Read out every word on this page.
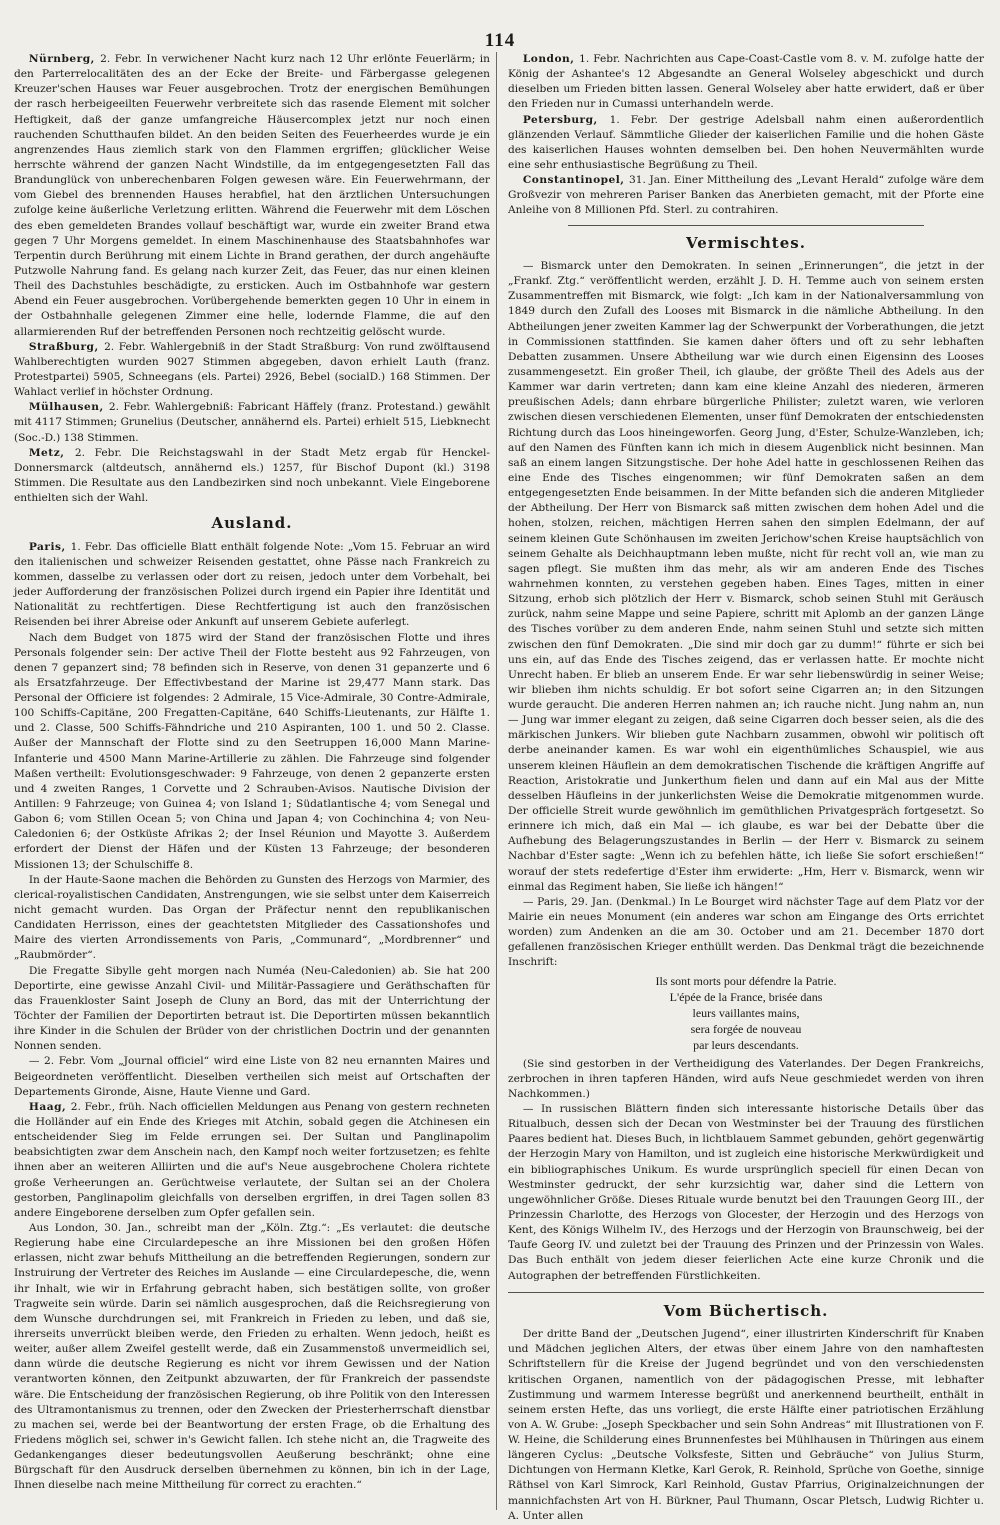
114

Nürnberg, 2. Febr. In verwichener Nacht kurz nach 12 Uhr erlönte Feuerlärm; in den Parterrelocalitäten des an der Ecke der Breite- und Färbergasse gelegenen Kreuzer'schen Hauses war Feuer ausgebrochen. Trotz der energischen Bemühungen der rasch herbeigeeilten Feuerwehr verbreitete sich das rasende Element mit solcher Heftigkeit, daß der ganze umfangreiche Häusercomplex jetzt nur noch einen rauchenden Schutthaufen bildet. An den beiden Seiten des Feuerheerdes wurde je ein angrenzendes Haus ziemlich stark von den Flammen ergriffen; glücklicher Weise herrschte während der ganzen Nacht Windstille, da im entgegengesetzten Fall das Brandunglück von unberechenbaren Folgen gewesen wäre. Ein Feuerwehrmann, der vom Giebel des brennenden Hauses herabfiel, hat den ärztlichen Untersuchungen zufolge keine äußerliche Verletzung erlitten. Während die Feuerwehr mit dem Löschen des eben gemeldeten Brandes vollauf beschäftigt war, wurde ein zweiter Brand etwa gegen 7 Uhr Morgens gemeldet. In einem Maschinenhause des Staatsbahnhofes war Terpentin durch Berührung mit einem Lichte in Brand gerathen, der durch angehäufte Putzwolle Nahrung fand. Es gelang nach kurzer Zeit, das Feuer, das nur einen kleinen Theil des Dachstuhles beschädigte, zu ersticken. Auch im Ostbahnhofe war gestern Abend ein Feuer ausgebrochen. Vorübergehende bemerkten gegen 10 Uhr in einem in der Ostbahnhalle gelegenen Zimmer eine helle, lodernde Flamme, die auf den allarmierenden Ruf der betreffenden Personen noch rechtzeitig gelöscht wurde.

Straßburg, 2. Febr. Wahlergebniß in der Stadt Straßburg: Von rund zwölftausend Wahlberechtigten wurden 9027 Stimmen abgegeben, davon erhielt Lauth (franz. Protestpartei) 5905, Schneegans (els. Partei) 2926, Bebel (socialD.) 168 Stimmen. Der Wahlact verlief in höchster Ordnung.

Mülhausen, 2. Febr. Wahlergebniß: Fabricant Häffely (franz. Protestand.) gewählt mit 4117 Stimmen; Grunelius (Deutscher, annähernd els. Partei) erhielt 515, Liebknecht (Soc.-D.) 138 Stimmen.

Metz, 2. Febr. Die Reichstagswahl in der Stadt Metz ergab für Henckel-Donnersmarck (altdeutsch, annähernd els.) 1257, für Bischof Dupont (kl.) 3198 Stimmen. Die Resultate aus den Landbezirken sind noch unbekannt. Viele Eingeborene enthielten sich der Wahl.

Ausland.

Paris, 1. Febr. Das officielle Blatt enthält folgende Note: „Vom 15. Februar an wird den italienischen und schweizer Reisenden gestattet, ohne Pässe nach Frankreich zu kommen, dasselbe zu verlassen oder dort zu reisen, jedoch unter dem Vorbehalt, bei jeder Aufforderung der französischen Polizei durch irgend ein Papier ihre Identität und Nationalität zu rechtfertigen. Diese Rechtfertigung ist auch den französischen Reisenden bei ihrer Abreise oder Ankunft auf unserem Gebiete auferlegt.

Nach dem Budget von 1875 wird der Stand der französischen Flotte und ihres Personals folgender sein: Der active Theil der Flotte besteht aus 92 Fahrzeugen, von denen 7 gepanzert sind; 78 befinden sich in Reserve, von denen 31 gepanzerte und 6 als Ersatzfahrzeuge. Der Effectivbestand der Marine ist 29,477 Mann stark. Das Personal der Officiere ist folgendes: 2 Admirale, 15 Vice-Admirale, 30 Contre-Admirale, 100 Schiffs-Capitäne, 200 Fregatten-Capitäne, 640 Schiffs-Lieutenants, zur Hälfte 1. und 2. Classe, 500 Schiffs-Fähndriche und 210 Aspiranten, 100 1. und 50 2. Classe. Außer der Mannschaft der Flotte sind zu den Seetruppen 16,000 Mann Marine-Infanterie und 4500 Mann Marine-Artillerie zu zählen. Die Fahrzeuge sind folgender Maßen vertheilt: Evolutionsgeschwader: 9 Fahrzeuge, von denen 2 gepanzerte ersten und 4 zweiten Ranges, 1 Corvette und 2 Schrauben-Avisos. Nautische Division der Antillen: 9 Fahrzeuge; von Guinea 4; von Island 1; Südatlantische 4; vom Senegal und Gabon 6; vom Stillen Ocean 5; von China und Japan 4; von Cochinchina 4; von Neu-Caledonien 6; der Ostküste Afrikas 2; der Insel Réunion und Mayotte 3. Außerdem erfordert der Dienst der Häfen und der Küsten 13 Fahrzeuge; der besonderen Missionen 13; der Schulschiffe 8.

In der Haute-Saone machen die Behörden zu Gunsten des Herzogs von Marmier, des clerical-royalistischen Candidaten, Anstrengungen, wie sie selbst unter dem Kaiserreich nicht gemacht wurden. Das Organ der Präfectur nennt den republikanischen Candidaten Herrisson, eines der geachtetsten Mitglieder des Cassationshofes und Maire des vierten Arrondissements von Paris, „Communard“, „Mordbrenner“ und „Raubmörder“.

Die Fregatte Sibylle geht morgen nach Numéa (Neu-Caledonien) ab. Sie hat 200 Deportirte, eine gewisse Anzahl Civil- und Militär-Passagiere und Geräthschaften für das Frauenkloster Saint Joseph de Cluny an Bord, das mit der Unterrichtung der Töchter der Familien der Deportirten betraut ist. Die Deportirten müssen bekanntlich ihre Kinder in die Schulen der Brüder von der christlichen Doctrin und der genannten Nonnen senden.

— 2. Febr. Vom „Journal officiel“ wird eine Liste von 82 neu ernannten Maires und Beigeordneten veröffentlicht. Dieselben vertheilen sich meist auf Ortschaften der Departements Gironde, Aisne, Haute Vienne und Gard.

Haag, 2. Febr., früh. Nach officiellen Meldungen aus Penang von gestern rechneten die Holländer auf ein Ende des Krieges mit Atchin, sobald gegen die Atchinesen ein entscheidender Sieg im Felde errungen sei. Der Sultan und Panglinapolim beabsichtigten zwar dem Anschein nach, den Kampf noch weiter fortzusetzen; es fehlte ihnen aber an weiteren Alliirten und die auf's Neue ausgebrochene Cholera richtete große Verheerungen an. Gerüchtweise verlautete, der Sultan sei an der Cholera gestorben, Panglinapolim gleichfalls von derselben ergriffen, in drei Tagen sollen 83 andere Eingeborene derselben zum Opfer gefallen sein.

Aus London, 30. Jan., schreibt man der „Köln. Ztg.“: „Es verlautet: die deutsche Regierung habe eine Circulardepesche an ihre Missionen bei den großen Höfen erlassen, nicht zwar behufs Mittheilung an die betreffenden Regierungen, sondern zur Instruirung der Vertreter des Reiches im Auslande — eine Circulardepesche, die, wenn ihr Inhalt, wie wir in Erfahrung gebracht haben, sich bestätigen sollte, von großer Tragweite sein würde. Darin sei nämlich ausgesprochen, daß die Reichsregierung von dem Wunsche durchdrungen sei, mit Frankreich in Frieden zu leben, und daß sie, ihrerseits unverrückt bleiben werde, den Frieden zu erhalten. Wenn jedoch, heißt es weiter, außer allem Zweifel gestellt werde, daß ein Zusammenstoß unvermeidlich sei, dann würde die deutsche Regierung es nicht vor ihrem Gewissen und der Nation verantworten können, den Zeitpunkt abzuwarten, der für Frankreich der passendste wäre. Die Entscheidung der französischen Regierung, ob ihre Politik von den Interessen des Ultramontanismus zu trennen, oder den Zwecken der Priesterherrschaft dienstbar zu machen sei, werde bei der Beantwortung der ersten Frage, ob die Erhaltung des Friedens möglich sei, schwer in's Gewicht fallen. Ich stehe nicht an, die Tragweite des Gedankenganges dieser bedeutungsvollen Aeußerung beschränkt; ohne eine Bürgschaft für den Ausdruck derselben übernehmen zu können, bin ich in der Lage, Ihnen dieselbe nach meine Mittheilung für correct zu erachten.“

London, 1. Febr. Nachrichten aus Cape-Coast-Castle vom 8. v. M. zufolge hatte der König der Ashantee's 12 Abgesandte an General Wolseley abgeschickt und durch dieselben um Frieden bitten lassen. General Wolseley aber hatte erwidert, daß er über den Frieden nur in Cumassi unterhandeln werde.

Petersburg, 1. Febr. Der gestrige Adelsball nahm einen außerordentlich glänzenden Verlauf. Sämmtliche Glieder der kaiserlichen Familie und die hohen Gäste des kaiserlichen Hauses wohnten demselben bei. Den hohen Neuvermählten wurde eine sehr enthusiastische Begrüßung zu Theil.

Constantinopel, 31. Jan. Einer Mittheilung des „Levant Herald“ zufolge wäre dem Großvezir von mehreren Pariser Banken das Anerbieten gemacht, mit der Pforte eine Anleihe von 8 Millionen Pfd. Sterl. zu contrahiren.

Vermischtes.

— Bismarck unter den Demokraten. In seinen „Erinnerungen“, die jetzt in der „Frankf. Ztg.“ veröffentlicht werden, erzählt J. D. H. Temme auch von seinem ersten Zusammentreffen mit Bismarck, wie folgt: „Ich kam in der Nationalversammlung von 1849 durch den Zufall des Looses mit Bismarck in die nämliche Abtheilung. In den Abtheilungen jener zweiten Kammer lag der Schwerpunkt der Vorberathungen, die jetzt in Commissionen stattfinden. Sie kamen daher öfters und oft zu sehr lebhaften Debatten zusammen. Unsere Abtheilung war wie durch einen Eigensinn des Looses zusammengesetzt. Ein großer Theil, ich glaube, der größte Theil des Adels aus der Kammer war darin vertreten; dann kam eine kleine Anzahl des niederen, ärmeren preußischen Adels; dann ehrbare bürgerliche Philister; zuletzt waren, wie verloren zwischen diesen verschiedenen Elementen, unser fünf Demokraten der entschiedensten Richtung durch das Loos hineingeworfen. Georg Jung, d'Ester, Schulze-Wanzleben, ich; auf den Namen des Fünften kann ich mich in diesem Augenblick nicht besinnen. Man saß an einem langen Sitzungstische. Der hohe Adel hatte in geschlossenen Reihen das eine Ende des Tisches eingenommen; wir fünf Demokraten saßen an dem entgegengesetzten Ende beisammen. In der Mitte befanden sich die anderen Mitglieder der Abtheilung. Der Herr von Bismarck saß mitten zwischen dem hohen Adel und die hohen, stolzen, reichen, mächtigen Herren sahen den simplen Edelmann, der auf seinem kleinen Gute Schönhausen im zweiten Jerichow'schen Kreise hauptsächlich von seinem Gehalte als Deichhauptmann leben mußte, nicht für recht voll an, wie man zu sagen pflegt. Sie mußten ihm das mehr, als wir am anderen Ende des Tisches wahrnehmen konnten, zu verstehen gegeben haben. Eines Tages, mitten in einer Sitzung, erhob sich plötzlich der Herr v. Bismarck, schob seinen Stuhl mit Geräusch zurück, nahm seine Mappe und seine Papiere, schritt mit Aplomb an der ganzen Länge des Tisches vorüber zu dem anderen Ende, nahm seinen Stuhl und setzte sich mitten zwischen den fünf Demokraten. „Die sind mir doch gar zu dumm!“ führte er sich bei uns ein, auf das Ende des Tisches zeigend, das er verlassen hatte. Er mochte nicht Unrecht haben. Er blieb an unserem Ende. Er war sehr liebenswürdig in seiner Weise; wir blieben ihm nichts schuldig. Er bot sofort seine Cigarren an; in den Sitzungen wurde geraucht. Die anderen Herren nahmen an; ich rauche nicht. Jung nahm an, nun — Jung war immer elegant zu zeigen, daß seine Cigarren doch besser seien, als die des märkischen Junkers. Wir blieben gute Nachbarn zusammen, obwohl wir politisch oft derbe aneinander kamen. Es war wohl ein eigenthümliches Schauspiel, wie aus unserem kleinen Häuflein an dem demokratischen Tischende die kräftigen Angriffe auf Reaction, Aristokratie und Junkerthum fielen und dann auf ein Mal aus der Mitte desselben Häufleins in der junkerlichsten Weise die Demokratie mitgenommen wurde. Der officielle Streit wurde gewöhnlich im gemüthlichen Privatgespräch fortgesetzt. So erinnere ich mich, daß ein Mal — ich glaube, es war bei der Debatte über die Aufhebung des Belagerungszustandes in Berlin — der Herr v. Bismarck zu seinem Nachbar d'Ester sagte: „Wenn ich zu befehlen hätte, ich ließe Sie sofort erschießen!“ worauf der stets redefertige d'Ester ihm erwiderte: „Hm, Herr v. Bismarck, wenn wir einmal das Regiment haben, Sie ließe ich hängen!“

— Paris, 29. Jan. (Denkmal.) In Le Bourget wird nächster Tage auf dem Platz vor der Mairie ein neues Monument (ein anderes war schon am Eingange des Orts errichtet worden) zum Andenken an die am 30. October und am 21. December 1870 dort gefallenen französischen Krieger enthüllt werden. Das Denkmal trägt die bezeichnende Inschrift:

Ils sont morts pour défendre la Patrie.
L'épée de la France, brisée dans
leurs vaillantes mains,
sera forgée de nouveau
par leurs descendants.

(Sie sind gestorben in der Vertheidigung des Vaterlandes. Der Degen Frankreichs, zerbrochen in ihren tapferen Händen, wird aufs Neue geschmiedet werden von ihren Nachkommen.)

— In russischen Blättern finden sich interessante historische Details über das Ritualbuch, dessen sich der Decan von Westminster bei der Trauung des fürstlichen Paares bedient hat. Dieses Buch, in lichtblauem Sammet gebunden, gehört gegenwärtig der Herzogin Mary von Hamilton, und ist zugleich eine historische Merkwürdigkeit und ein bibliographisches Unikum. Es wurde ursprünglich speciell für einen Decan von Westminster gedruckt, der sehr kurzsichtig war, daher sind die Lettern von ungewöhnlicher Größe. Dieses Rituale wurde benutzt bei den Trauungen Georg III., der Prinzessin Charlotte, des Herzogs von Glocester, der Herzogin und des Herzogs von Kent, des Königs Wilhelm IV., des Herzogs und der Herzogin von Braunschweig, bei der Taufe Georg IV. und zuletzt bei der Trauung des Prinzen und der Prinzessin von Wales. Das Buch enthält von jedem dieser feierlichen Acte eine kurze Chronik und die Autographen der betreffenden Fürstlichkeiten.

Vom Büchertisch.

Der dritte Band der „Deutschen Jugend“, einer illustrirten Kinderschrift für Knaben und Mädchen jeglichen Alters, der etwas über einem Jahre von den namhaftesten Schriftstellern für die Kreise der Jugend begründet und von den verschiedensten kritischen Organen, namentlich von der pädagogischen Presse, mit lebhafter Zustimmung und warmem Interesse begrüßt und anerkennend beurtheilt, enthält in seinem ersten Hefte, das uns vorliegt, die erste Hälfte einer patriotischen Erzählung von A. W. Grube: „Joseph Speckbacher und sein Sohn Andreas“ mit Illustrationen von F. W. Heine, die Schilderung eines Brunnenfestes bei Mühlhausen in Thüringen aus einem längeren Cyclus: „Deutsche Volksfeste, Sitten und Gebräuche“ von Julius Sturm, Dichtungen von Hermann Kletke, Karl Gerok, R. Reinhold, Sprüche von Goethe, sinnige Räthsel von Karl Simrock, Karl Reinhold, Gustav Pfarrius, Originalzeichnungen der mannichfachsten Art von H. Bürkner, Paul Thumann, Oscar Pletsch, Ludwig Richter u. A. Unter allen
